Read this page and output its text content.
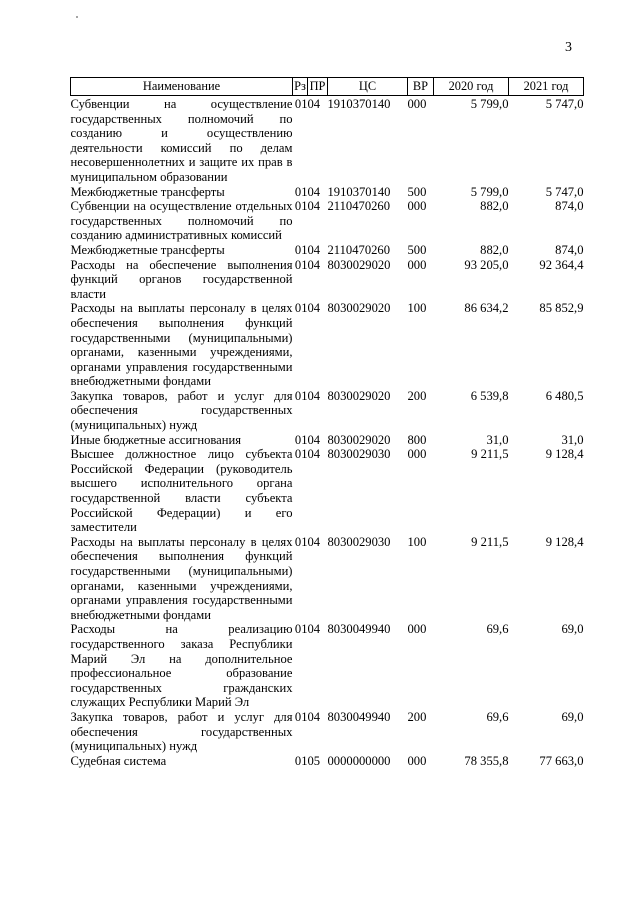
3
Наименование	Рз	ПР	ЦС	ВР	2020 год	2021 год
Субвенции на осуществление государственных полномочий по созданию и осуществлению деятельности комиссий по делам несовершеннолетних и защите их прав в муниципальном образовании	01	04	1910370140	000	5 799,0	5 747,0
Межбюджетные трансферты	01	04	1910370140	500	5 799,0	5 747,0
Субвенции на осуществление отдельных государственных полномочий по созданию административных комиссий	01	04	2110470260	000	882,0	874,0
Межбюджетные трансферты	01	04	2110470260	500	882,0	874,0
Расходы на обеспечение выполнения функций органов государственной власти	01	04	8030029020	000	93 205,0	92 364,4
Расходы на выплаты персоналу в целях обеспечения выполнения функций государственными (муниципальными) органами, казенными учреждениями, органами управления государственными внебюджетными фондами	01	04	8030029020	100	86 634,2	85 852,9
Закупка товаров, работ и услуг для обеспечения государственных (муниципальных) нужд	01	04	8030029020	200	6 539,8	6 480,5
Иные бюджетные ассигнования	01	04	8030029020	800	31,0	31,0
Высшее должностное лицо субъекта Российской Федерации (руководитель высшего исполнительного органа государственной власти субъекта Российской Федерации) и его заместители	01	04	8030029030	000	9 211,5	9 128,4
Расходы на выплаты персоналу в целях обеспечения выполнения функций государственными (муниципальными) органами, казенными учреждениями, органами управления государственными внебюджетными фондами	01	04	8030029030	100	9 211,5	9 128,4
Расходы на реализацию государственного заказа Республики Марий Эл на дополнительное профессиональное образование государственных гражданских служащих Республики Марий Эл	01	04	8030049940	000	69,6	69,0
Закупка товаров, работ и услуг для обеспечения государственных (муниципальных) нужд	01	04	8030049940	200	69,6	69,0
Судебная система	01	05	0000000000	000	78 355,8	77 663,0
